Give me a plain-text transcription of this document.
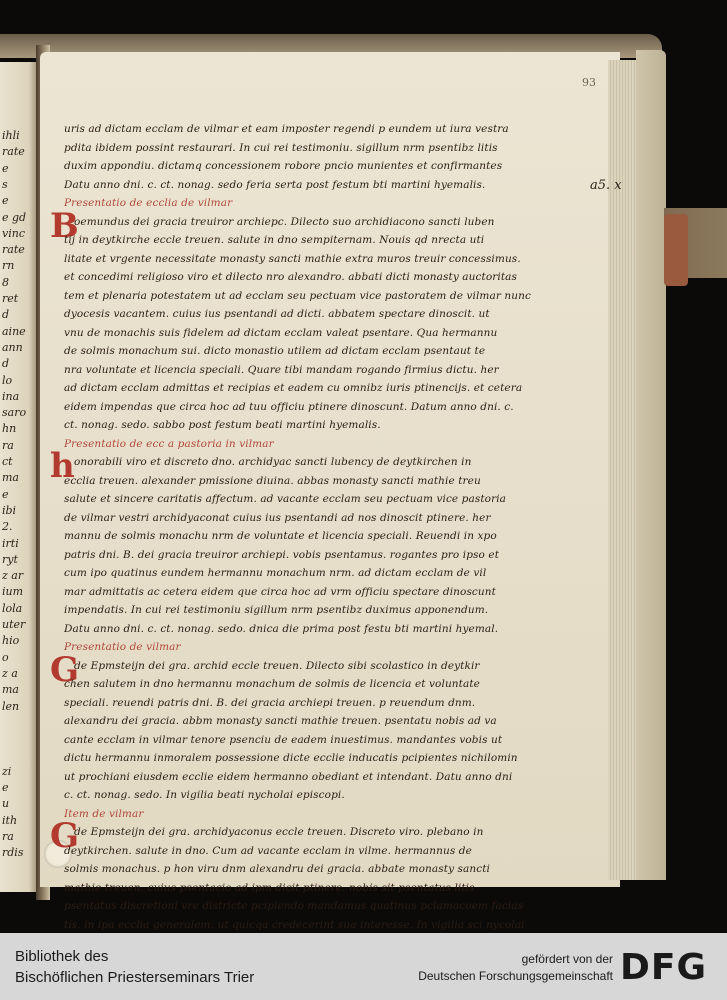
ihli
rate
e
s
e
e gd
vinc
rate
rn
8
ret
d
aine
ann
d
lo
ina
saro
hn
ra
ct
ma
e
ibi
2.
irti
ryt
z ar
ium
lola
uter
hio
o
z a
ma
len
zi
e
u
ith
ra
rdis
93
a5. x
uris ad dictam ecclam de vilmar et eam imposter regendi p eundem ut iura vestra
pdita ibidem possint restaurari. In cui rei testimoniu. sigillum nrm psentibz litis
duxim appondiu. dictamq concessionem robore pncio munientes et confirmantes
Datu anno dni. c. ct. nonag. sedo feria serta post festum bti martini hyemalis.
Presentatio de ecclia de vilmar
B
oemundus dei gracia treuiror archiepc. Dilecto suo archidiacono sancti luben
tij in deytkirche eccle treuen. salute in dno sempiternam. Nouis qd nrecta uti
litate et vrgente necessitate monasty sancti mathie extra muros treuir concessimus.
et concedimi religioso viro et dilecto nro alexandro. abbati dicti monasty auctoritas
tem et plenaria potestatem ut ad ecclam seu pectuam vice pastoratem de vilmar nunc
dyocesis vacantem. cuius ius psentandi ad dicti. abbatem spectare dinoscit. ut
vnu de monachis suis fidelem ad dictam ecclam valeat psentare. Qua hermannu
de solmis monachum sui. dicto monastio utilem ad dictam ecclam psentaut te
nra voluntate et licencia speciali. Quare tibi mandam rogando firmius dictu. her
ad dictam ecclam admittas et recipias et eadem cu omnibz iuris ptinencijs. et cetera
eidem impendas que circa hoc ad tuu officiu ptinere dinoscunt. Datum anno dni. c.
ct. nonag. sedo. sabbo post festum beati martini hyemalis.
Presentatio de ecc a pastoria in vilmar
h onorabili viro et discreto dno. archidyac sancti lubency de deytkirchen in
ecclia treuen. alexander pmissione diuina. abbas monasty sancti mathie treu
salute et sincere caritatis affectum. ad vacante ecclam seu pectuam vice pastoria
de vilmar vestri archidyaconat cuius ius psentandi ad nos dinoscit ptinere. her
mannu de solmis monachu nrm de voluntate et licencia speciali. Reuendi in xpo
patris dni. B. dei gracia treuiror archiepi. vobis psentamus. rogantes pro ipso et
cum ipo quatinus eundem hermannu monachum nrm. ad dictam ecclam de vil
mar admittatis ac cetera eidem que circa hoc ad vrm officiu spectare dinoscunt
impendatis. In cui rei testimoniu sigillum nrm psentibz duximus apponendum.
Datu anno dni. c. ct. nonag. sedo. dnica die prima post festu bti martini hyemal.
Presentatio de vilmar
G
de Epmsteijn dei gra. archid eccle treuen. Dilecto sibi scolastico in deytkir
chen salutem in dno hermannu monachum de solmis de licencia et voluntate
speciali. reuendi patris dni. B. dei gracia archiepi treuen. p reuendum dnm.
alexandru dei gracia. abbm monasty sancti mathie treuen. psentatu nobis ad va
cante ecclam in vilmar tenore psenciu de eadem inuestimus. mandantes vobis ut
dictu hermannu inmoralem possessione dicte ecclie inducatis pcipientes nichilomin
ut prochiani eiusdem ecclie eidem hermanno obediant et intendant. Datu anno dni
c. ct. nonag. sedo. In vigilia beati nycholai episcopi.
Item de vilmar
G
de Epmsteijn dei gra. archidyaconus eccle treuen. Discreto viro. plebano in
deytkirchen. salute in dno. Cum ad vacante ecclam in vilme. hermannus de
solmis monachus. p hon viru dnm alexandru dei gracia. abbate monasty sancti
mathie treuen. cuius psentacio ad ipm dicit ptinere. nobis sit psentatus litis
psentatus discretioni vre districte pcipiendo mandamus quatinus pclamacoem facias
tis. in ipa ecclia generalem. ut quicqa credecerint sua interesse. In vigilia sci nycolai
Bibliothek des
Bischöflichen Priesterseminars Trier
gefördert von der
Deutschen Forschungsgemeinschaft DFG
